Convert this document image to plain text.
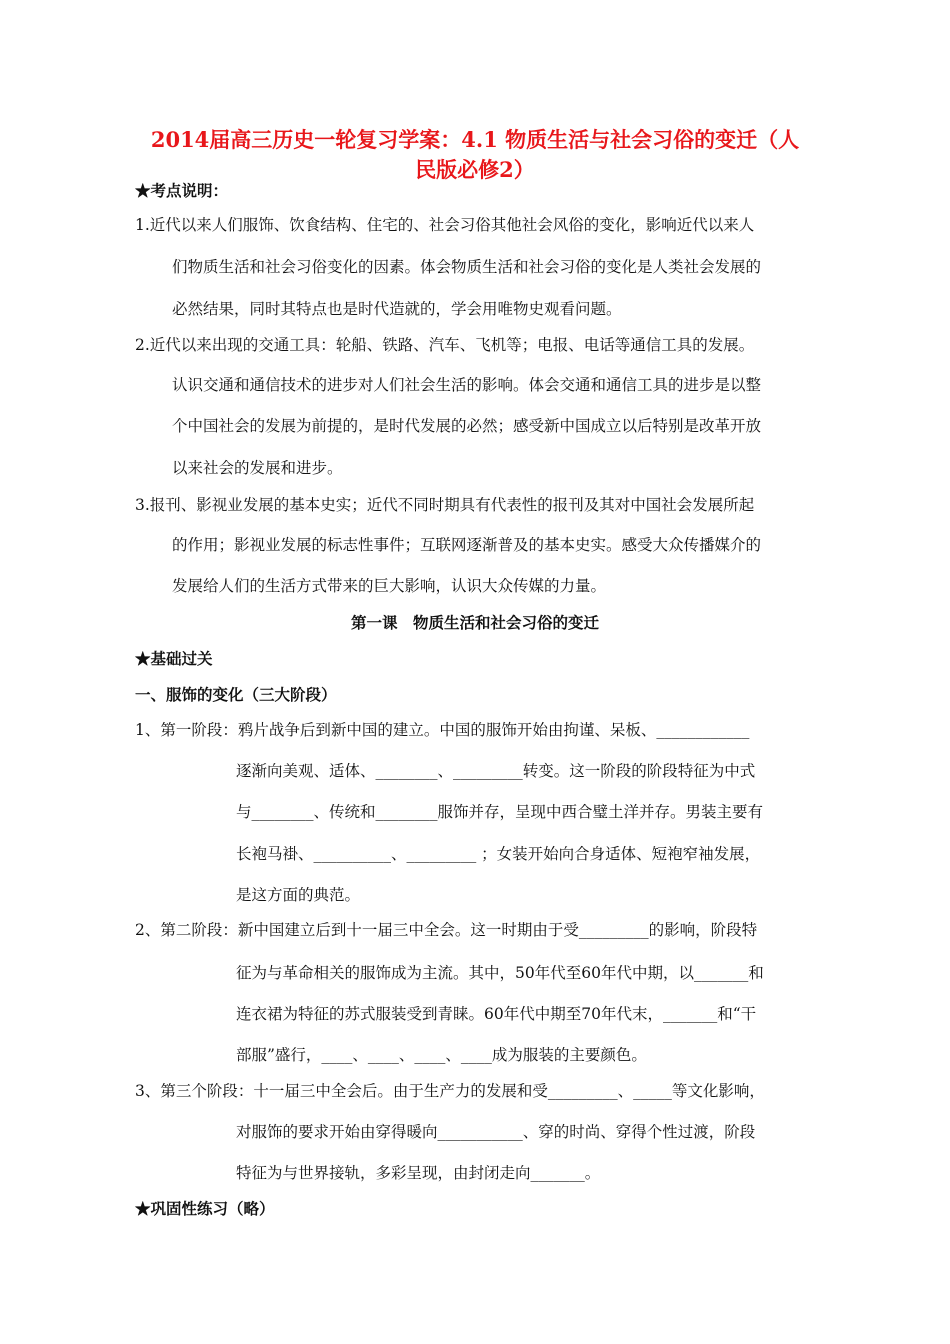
2014届高三历史一轮复习学案：4.1 物质生活与社会习俗的变迁（人
民版必修2）
★考点说明：
1.近代以来人们服饰、饮食结构、住宅的、社会习俗其他社会风俗的变化，影响近代以来人
们物质生活和社会习俗变化的因素。体会物质生活和社会习俗的变化是人类社会发展的
必然结果，同时其特点也是时代造就的，学会用唯物史观看问题。
2.近代以来出现的交通工具：轮船、铁路、汽车、飞机等；电报、电话等通信工具的发展。
认识交通和通信技术的进步对人们社会生活的影响。体会交通和通信工具的进步是以整
个中国社会的发展为前提的，是时代发展的必然；感受新中国成立以后特别是改革开放
以来社会的发展和进步。
3.报刊、影视业发展的基本史实；近代不同时期具有代表性的报刊及其对中国社会发展所起
的作用；影视业发展的标志性事件；互联网逐渐普及的基本史实。感受大众传播媒介的
发展给人们的生活方式带来的巨大影响，认识大众传媒的力量。
第一课　物质生活和社会习俗的变迁
★基础过关
一、服饰的变化（三大阶段）
1、第一阶段：鸦片战争后到新中国的建立。中国的服饰开始由拘谨、呆板、____________
逐渐向美观、适体、________、_________转变。这一阶段的阶段特征为中式
与________、传统和________服饰并存，呈现中西合璧土洋并存。男装主要有
长袍马褂、__________、_________ ；女装开始向合身适体、短袍窄袖发展，
是这方面的典范。
2、第二阶段：新中国建立后到十一届三中全会。这一时期由于受_________的影响，阶段特
征为与革命相关的服饰成为主流。其中，50年代至60年代中期，以_______和
连衣裙为特征的苏式服装受到青睐。60年代中期至70年代末，_______和“干
部服”盛行，____、____、____、____成为服装的主要颜色。
3、第三个阶段：十一届三中全会后。由于生产力的发展和受_________、_____等文化影响，
对服饰的要求开始由穿得暖向___________、穿的时尚、穿得个性过渡，阶段
特征为与世界接轨，多彩呈现，由封闭走向_______。
★巩固性练习（略）
